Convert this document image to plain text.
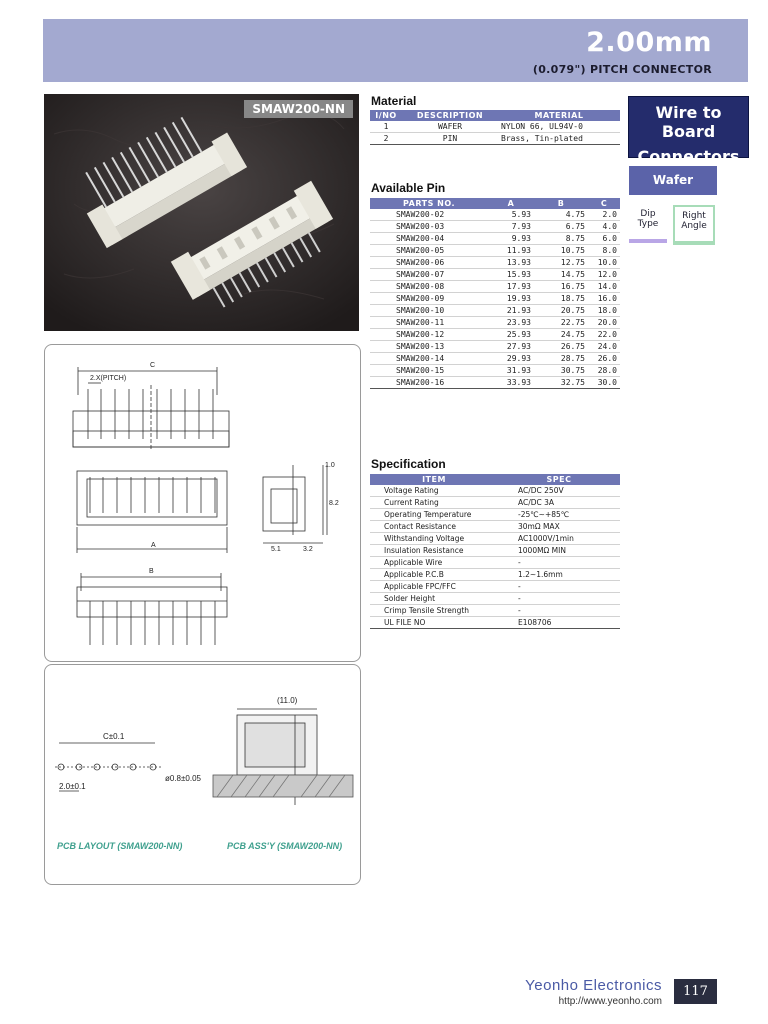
2.00mm
(0.079") PITCH CONNECTOR
SMAW200-NN
C
2.X(PITCH)
A
8.2
1.0
5.1	3.2
B
C±0.1
ø0.8±0.05
2.0±0.1
(11.0)
PCB LAYOUT (SMAW200-NN)	PCB ASS'Y (SMAW200-NN)
Material
I/NO	DESCRIPTION	MATERIAL
1	WAFER	NYLON 66, UL94V-0
2	PIN	Brass, Tin-plated
Available Pin
PARTS NO.	A	B	C
SMAW200-02	5.93	4.75	2.0
SMAW200-03	7.93	6.75	4.0
SMAW200-04	9.93	8.75	6.0
SMAW200-05	11.93	10.75	8.0
SMAW200-06	13.93	12.75	10.0
SMAW200-07	15.93	14.75	12.0
SMAW200-08	17.93	16.75	14.0
SMAW200-09	19.93	18.75	16.0
SMAW200-10	21.93	20.75	18.0
SMAW200-11	23.93	22.75	20.0
SMAW200-12	25.93	24.75	22.0
SMAW200-13	27.93	26.75	24.0
SMAW200-14	29.93	28.75	26.0
SMAW200-15	31.93	30.75	28.0
SMAW200-16	33.93	32.75	30.0
Specification
ITEM	SPEC
Voltage Rating	AC/DC 250V
Current Rating	AC/DC 3A
Operating Temperature	-25℃~+85℃
Contact Resistance	30mΩ MAX
Withstanding Voltage	AC1000V/1min
Insulation Resistance	1000MΩ MIN
Applicable Wire	-
Applicable P.C.B	1.2~1.6mm
Applicable FPC/FFC	-
Solder Height	-
Crimp Tensile Strength	-
UL FILE NO	E108706
Wire to Board
Connectors
Wafer
Dip
Type
Right
Angle
Yeonho Electronics
http://www.yeonho.com
117
